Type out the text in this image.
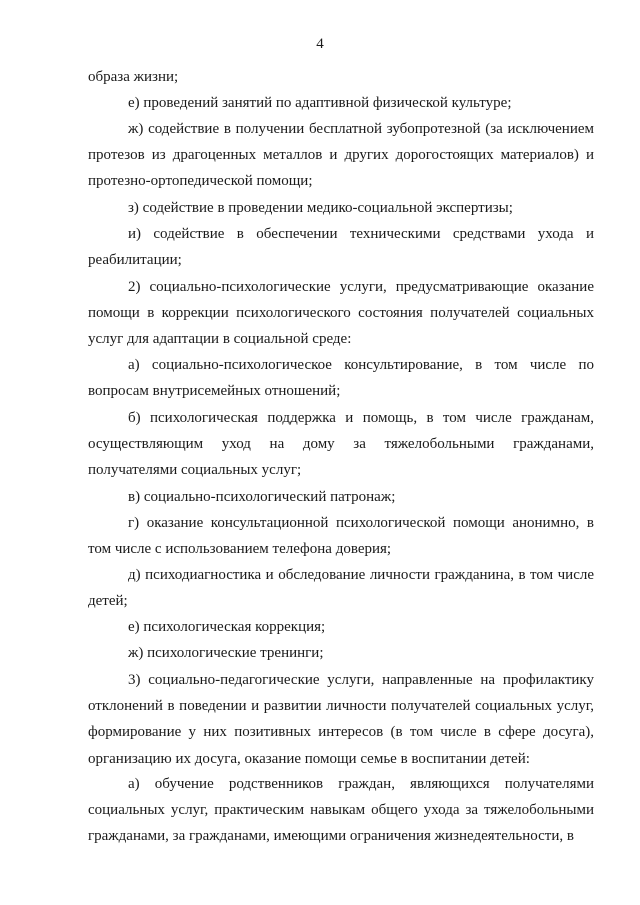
4

образа жизни;

е) проведений занятий по адаптивной физической культуре;

ж) содействие в получении бесплатной зубопротезной (за исключением протезов из драгоценных металлов и других дорогостоящих материалов) и протезно-ортопедической помощи;

з) содействие в проведении медико-социальной экспертизы;

и) содействие в обеспечении техническими средствами ухода и реабилитации;

2) социально-психологические услуги, предусматривающие оказание помощи в коррекции психологического состояния получателей социальных услуг для адаптации в социальной среде:

а) социально-психологическое консультирование, в том числе по вопросам внутрисемейных отношений;

б) психологическая поддержка и помощь, в том числе гражданам, осуществляющим уход на дому за тяжелобольными гражданами, получателями социальных услуг;

в) социально-психологический патронаж;

г) оказание консультационной психологической помощи анонимно, в том числе с использованием телефона доверия;

д) психодиагностика и обследование личности гражданина, в том числе детей;

е) психологическая коррекция;

ж) психологические тренинги;

3) социально-педагогические услуги, направленные на профилактику отклонений в поведении и развитии личности получателей социальных услуг, формирование у них позитивных интересов (в том числе в сфере досуга), организацию их досуга, оказание помощи семье в воспитании детей:

а) обучение родственников граждан, являющихся получателями социальных услуг, практическим навыкам общего ухода за тяжелобольными гражданами, за гражданами, имеющими ограничения жизнедеятельности, в
